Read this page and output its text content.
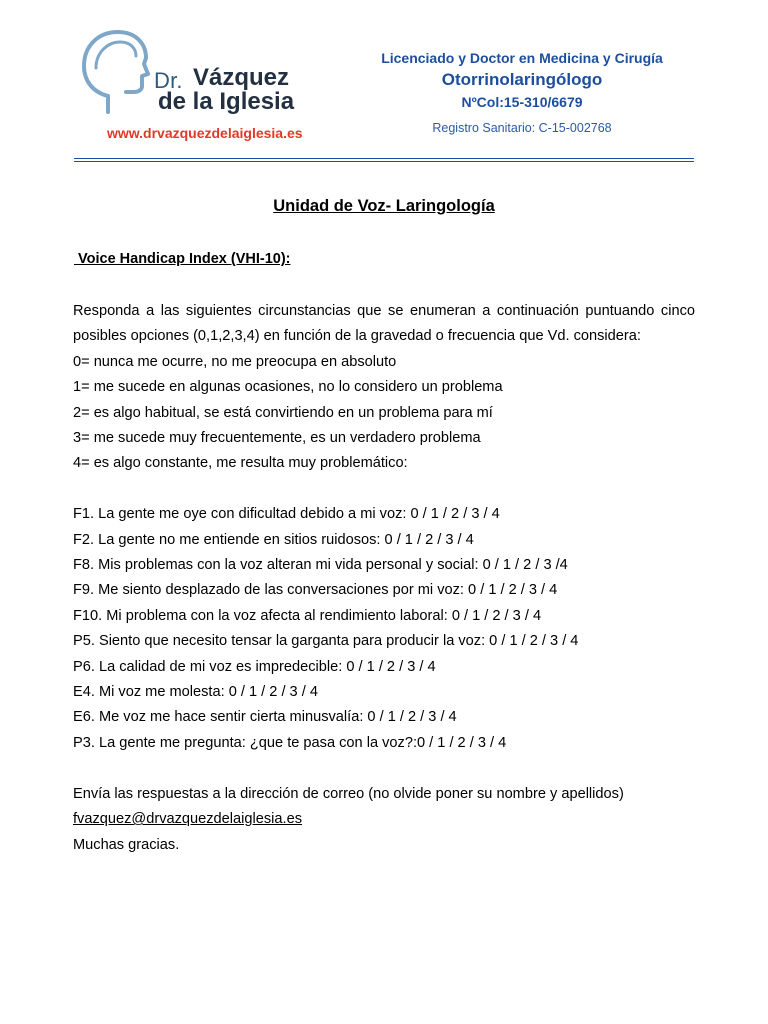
Dr. Vázquez
de la Iglesia
www.drvazquezdelaiglesia.es
Licenciado y Doctor en Medicina y Cirugía
Otorrinolaringólogo
NºCol:15-310/6679
Registro Sanitario: C-15-002768
Unidad de Voz- Laringología
Voice Handicap Index (VHI-10):

Responda a las siguientes circunstancias que se enumeran a continuación puntuando cinco posibles opciones (0,1,2,3,4) en función de la gravedad o frecuencia que Vd. considera:

0= nunca me ocurre, no me preocupa en absoluto

1= me sucede en algunas ocasiones, no lo considero un problema

2= es algo habitual, se está convirtiendo en un problema para mí

3= me sucede muy frecuentemente, es un verdadero problema

4= es algo constante, me resulta muy problemático:

F1. La gente me oye con dificultad debido a mi voz: 0 / 1 / 2 / 3 / 4

F2. La gente no me entiende en sitios ruidosos: 0 / 1 / 2 / 3 / 4

F8. Mis problemas con la voz alteran mi vida personal y social: 0 / 1 / 2 / 3 /4

F9. Me siento desplazado de las conversaciones por mi voz: 0 / 1 / 2 / 3 / 4

F10. Mi problema con la voz afecta al rendimiento laboral: 0 / 1 / 2 / 3 / 4

P5. Siento que necesito tensar la garganta para producir la voz: 0 / 1 / 2 / 3 / 4

P6. La calidad de mi voz es impredecible: 0 / 1 / 2 / 3 / 4

E4. Mi voz me molesta: 0 / 1 / 2 / 3 / 4

E6. Me voz me hace sentir cierta minusvalía: 0 / 1 / 2 / 3 / 4

P3. La gente me pregunta: ¿que te pasa con la voz?:0 / 1 / 2 / 3 / 4

Envía las respuestas a la dirección de correo (no olvide poner su nombre y apellidos)

fvazquez@drvazquezdelaiglesia.es

Muchas gracias.
